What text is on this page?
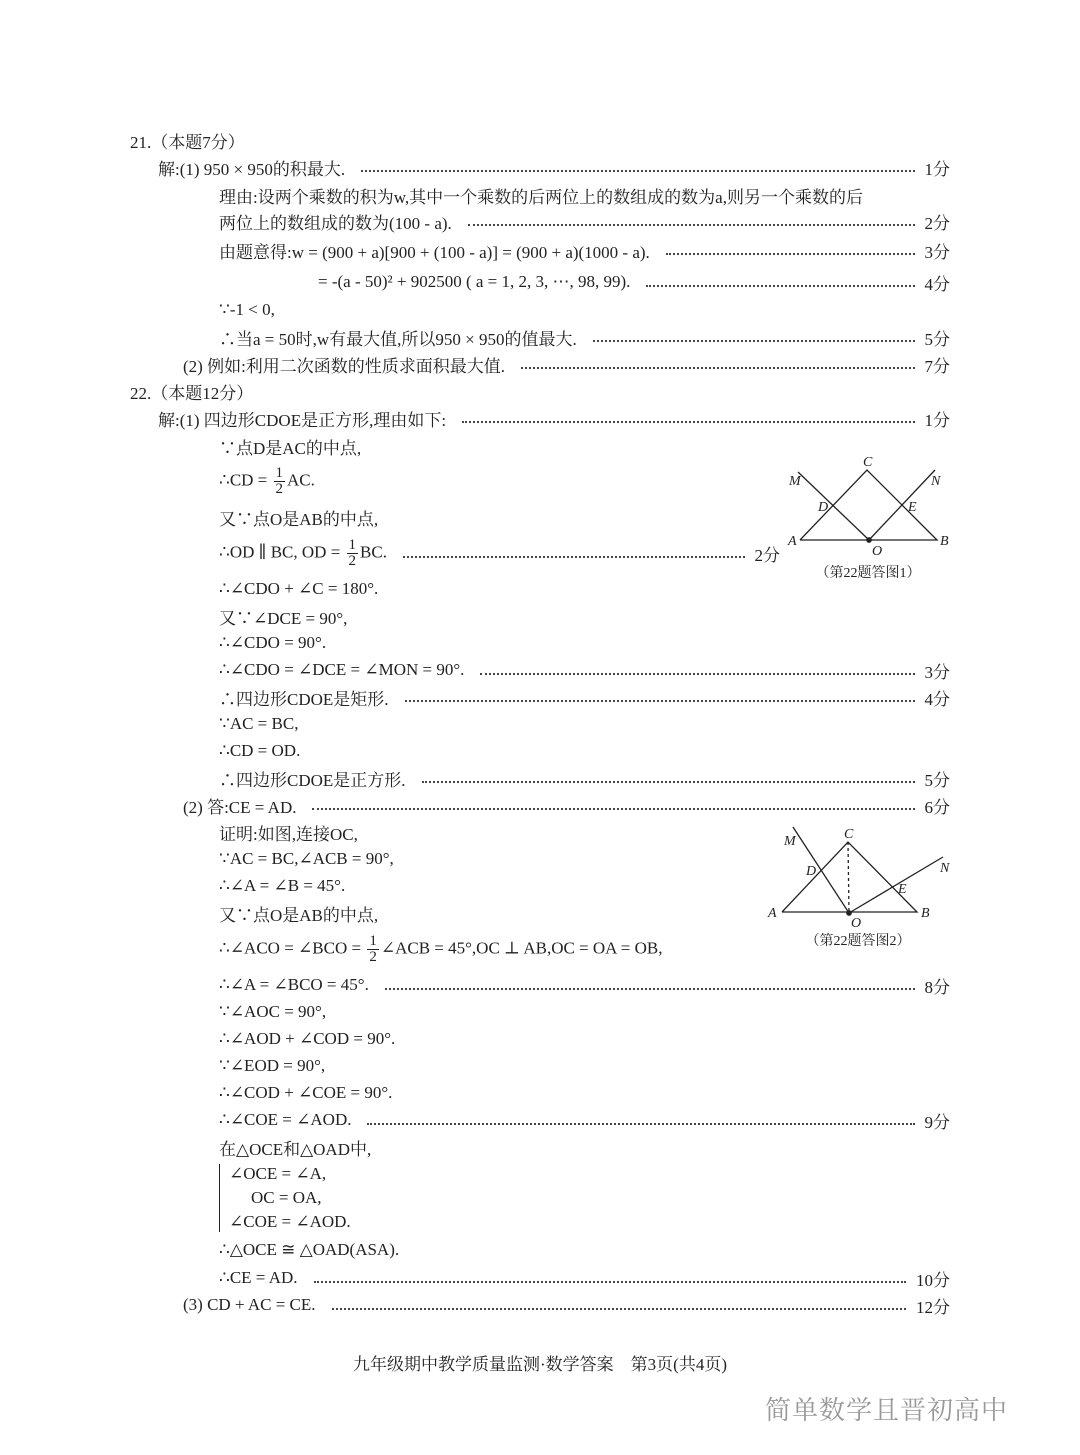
21.（本题7分）
解:(1) 950 × 950的积最大.	1分
理由:设两个乘数的积为w,其中一个乘数的后两位上的数组成的数为a,则另一个乘数的后
两位上的数组成的数为(100 - a).	2分
由题意得:w = (900 + a)[900 + (100 - a)] = (900 + a)(1000 - a).	3分
= -(a - 50)² + 902500 ( a = 1, 2, 3, ⋯, 98, 99).	4分
∵-1 < 0,
∴当a = 50时,w有最大值,所以950 × 950的值最大.	5分
(2) 例如:利用二次函数的性质求面积最大值.	7分
22.（本题12分）
解:(1) 四边形CDOE是正方形,理由如下:	1分
∵点D是AC的中点,
∴CD = $\frac{1}{2}$ AC.
又∵点O是AB的中点,
∴OD ∥ BC, OD = $\frac{1}{2}$ BC.	2分
∴∠CDO + ∠C = 180°.
又∵∠DCE = 90°,
∴∠CDO = 90°.
∴∠CDO = ∠DCE = ∠MON = 90°.	3分
∴四边形CDOE是矩形.	4分
∵AC = BC,
∴CD = OD.
∴四边形CDOE是正方形.	5分
(2) 答:CE = AD.	6分
证明:如图,连接OC,
∵AC = BC,∠ACB = 90°,
∴∠A = ∠B = 45°.
又∵点O是AB的中点,
∴∠ACO = ∠BCO = $\frac{1}{2}$ ∠ACB = 45°,OC ⊥ AB,OC = OA = OB,
∴∠A = ∠BCO = 45°.	8分
∵∠AOC = 90°,
∴∠AOD + ∠COD = 90°.
∵∠EOD = 90°,
∴∠COD + ∠COE = 90°.
∴∠COE = ∠AOD.	9分
在△OCE和△OAD中,
∠OCE = ∠A,
OC = OA,
∠COE = ∠AOD.
∴△OCE ≅ △OAD(ASA).
∴CE = AD.	10分
(3) CD + AC = CE.	12分
C
M	N
D	E
A	B
O
（第22题答图1）
C
M
N
D
E
A	B
O
（第22题答图2）
九年级期中教学质量监测·数学答案　第3页(共4页)
简单数学且晋初高中
